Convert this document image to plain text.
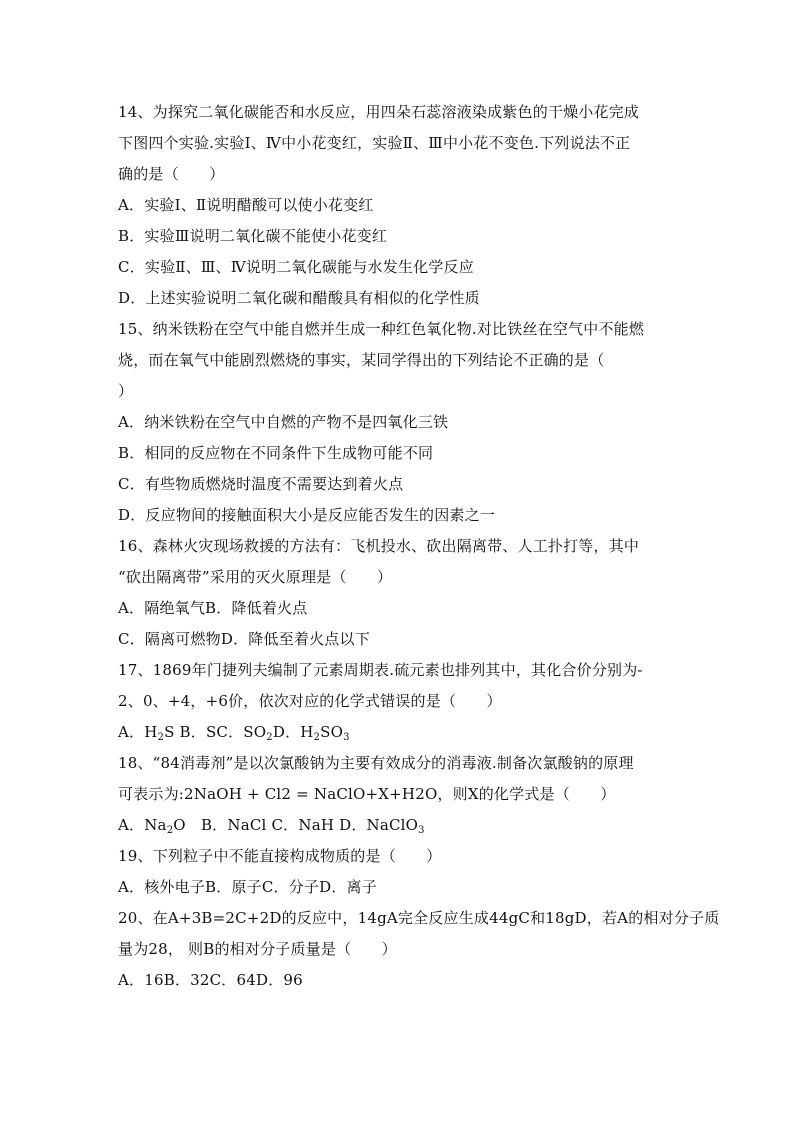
14、为探究二氧化碳能否和水反应，用四朵石蕊溶液染成紫色的干燥小花完成
下图四个实验.实验Ⅰ、Ⅳ中小花变红，实验Ⅱ、Ⅲ中小花不变色.下列说法不正
确的是（　　）
A．实验Ⅰ、Ⅱ说明醋酸可以使小花变红
B．实验Ⅲ说明二氧化碳不能使小花变红
C．实验Ⅱ、Ⅲ、Ⅳ说明二氧化碳能与水发生化学反应
D．上述实验说明二氧化碳和醋酸具有相似的化学性质
15、纳米铁粉在空气中能自燃并生成一种红色氧化物.对比铁丝在空气中不能燃
烧，而在氧气中能剧烈燃烧的事实，某同学得出的下列结论不正确的是（
）
A．纳米铁粉在空气中自燃的产物不是四氧化三铁
B．相同的反应物在不同条件下生成物可能不同
C．有些物质燃烧时温度不需要达到着火点
D．反应物间的接触面积大小是反应能否发生的因素之一
16、森林火灾现场救援的方法有：飞机投水、砍出隔离带、人工扑打等，其中
“砍出隔离带”采用的灭火原理是（　　）
A．隔绝氧气B．降低着火点
C．隔离可燃物D．降低至着火点以下
17、1869年门捷列夫编制了元素周期表.硫元素也排列其中，其化合价分别为-
2、0、+4，+6价，依次对应的化学式错误的是（　　）
A．$H_2S$ B．SC．$SO_2D$．$H_2SO_3$
18、“84消毒剂”是以次氯酸钠为主要有效成分的消毒液.制备次氯酸钠的原理
可表示为:2NaOH + Cl2 = NaClO+X+H2O，则X的化学式是（　　）
A．$Na_2O$　B．NaCl C．NaH D．NaClO$_3$
19、下列粒子中不能直接构成物质的是（　　）
A．核外电子B．原子C．分子D．离子
20、在A+3B=2C+2D的反应中，14gA完全反应生成44gC和18gD，若A的相对分子质
量为28， 则B的相对分子质量是（　　）
A．16B．32C．64D．96
